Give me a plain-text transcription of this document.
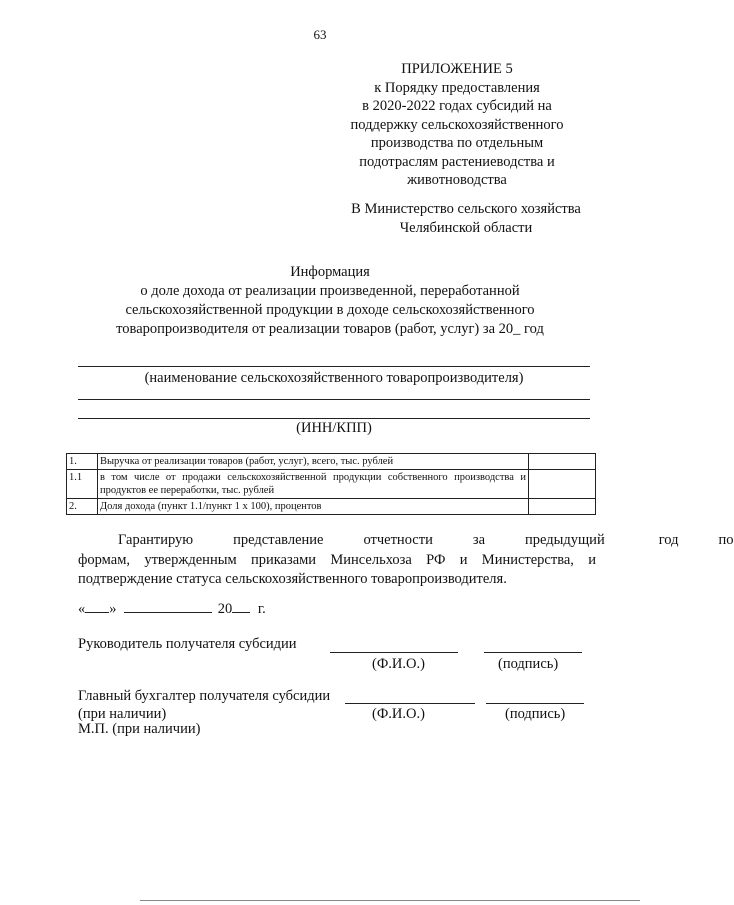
63
ПРИЛОЖЕНИЕ 5
к Порядку предоставления
в 2020-2022 годах субсидий на
поддержку сельскохозяйственного
производства по отдельным
подотраслям растениеводства и
животноводства
В Министерство сельского хозяйства
Челябинской области
Информация
о доле дохода от реализации произведенной, переработанной
сельскохозяйственной продукции в доходе сельскохозяйственного
товаропроизводителя от реализации товаров (работ, услуг) за 20_ год
(наименование сельскохозяйственного товаропроизводителя)
(ИНН/КПП)
1.	Выручка от реализации товаров (работ, услуг), всего, тыс. рублей	
1.1	в том числе от продажи сельскохозяйственной продукции собственного производства и продуктов ее переработки, тыс. рублей	
2.	Доля дохода (пункт 1.1/пункт 1 х 100), процентов	
Гарантирую	представление	отчетности	за	предыдущий	год	по
формам, утвержденным приказами Минсельхоза РФ и Министерства, и
подтверждение статуса сельскохозяйственного товаропроизводителя.
« »	20 г.
Руководитель получателя субсидии
(Ф.И.О.)	(подпись)
Главный бухгалтер получателя субсидии
(при наличии)	(Ф.И.О.)	(подпись)
М.П. (при наличии)
